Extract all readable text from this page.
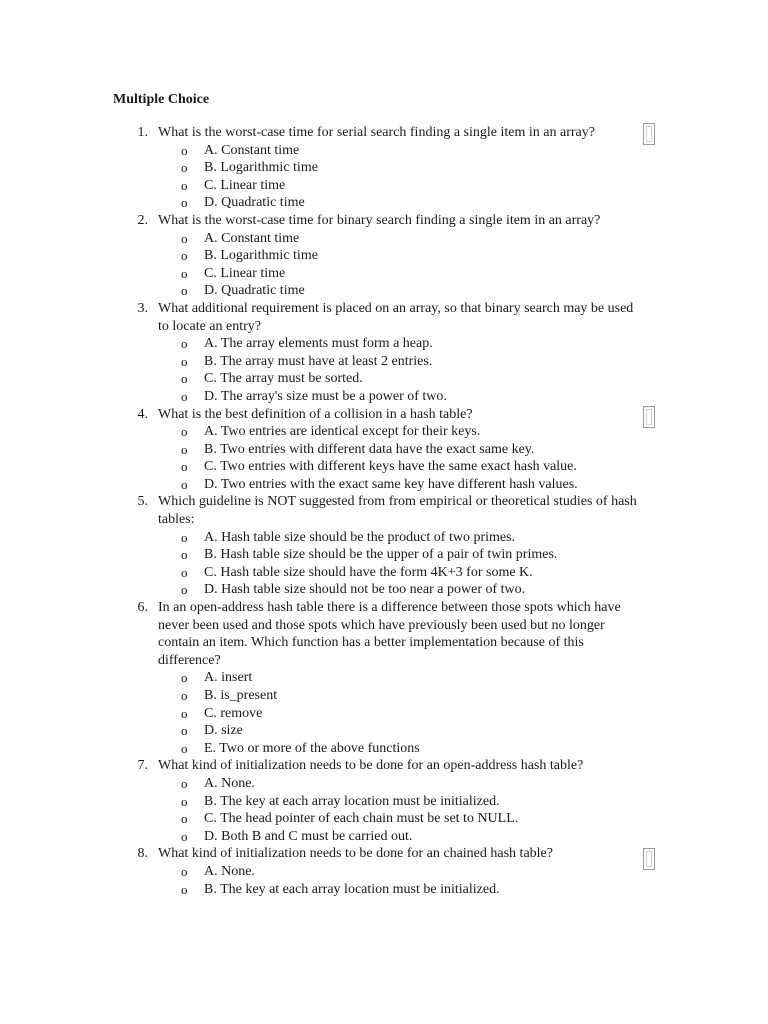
Multiple Choice
1. What is the worst-case time for serial search finding a single item in an array?
o A. Constant time
o B. Logarithmic time
o C. Linear time
o D. Quadratic time
2. What is the worst-case time for binary search finding a single item in an array?
o A. Constant time
o B. Logarithmic time
o C. Linear time
o D. Quadratic time
3. What additional requirement is placed on an array, so that binary search may be used to locate an entry?
o A. The array elements must form a heap.
o B. The array must have at least 2 entries.
o C. The array must be sorted.
o D. The array's size must be a power of two.
4. What is the best definition of a collision in a hash table?
o A. Two entries are identical except for their keys.
o B. Two entries with different data have the exact same key.
o C. Two entries with different keys have the same exact hash value.
o D. Two entries with the exact same key have different hash values.
5. Which guideline is NOT suggested from from empirical or theoretical studies of hash tables:
o A. Hash table size should be the product of two primes.
o B. Hash table size should be the upper of a pair of twin primes.
o C. Hash table size should have the form 4K+3 for some K.
o D. Hash table size should not be too near a power of two.
6. In an open-address hash table there is a difference between those spots which have never been used and those spots which have previously been used but no longer contain an item. Which function has a better implementation because of this difference?
o A. insert
o B. is_present
o C. remove
o D. size
o E. Two or more of the above functions
7. What kind of initialization needs to be done for an open-address hash table?
o A. None.
o B. The key at each array location must be initialized.
o C. The head pointer of each chain must be set to NULL.
o D. Both B and C must be carried out.
8. What kind of initialization needs to be done for an chained hash table?
o A. None.
o B. The key at each array location must be initialized.
